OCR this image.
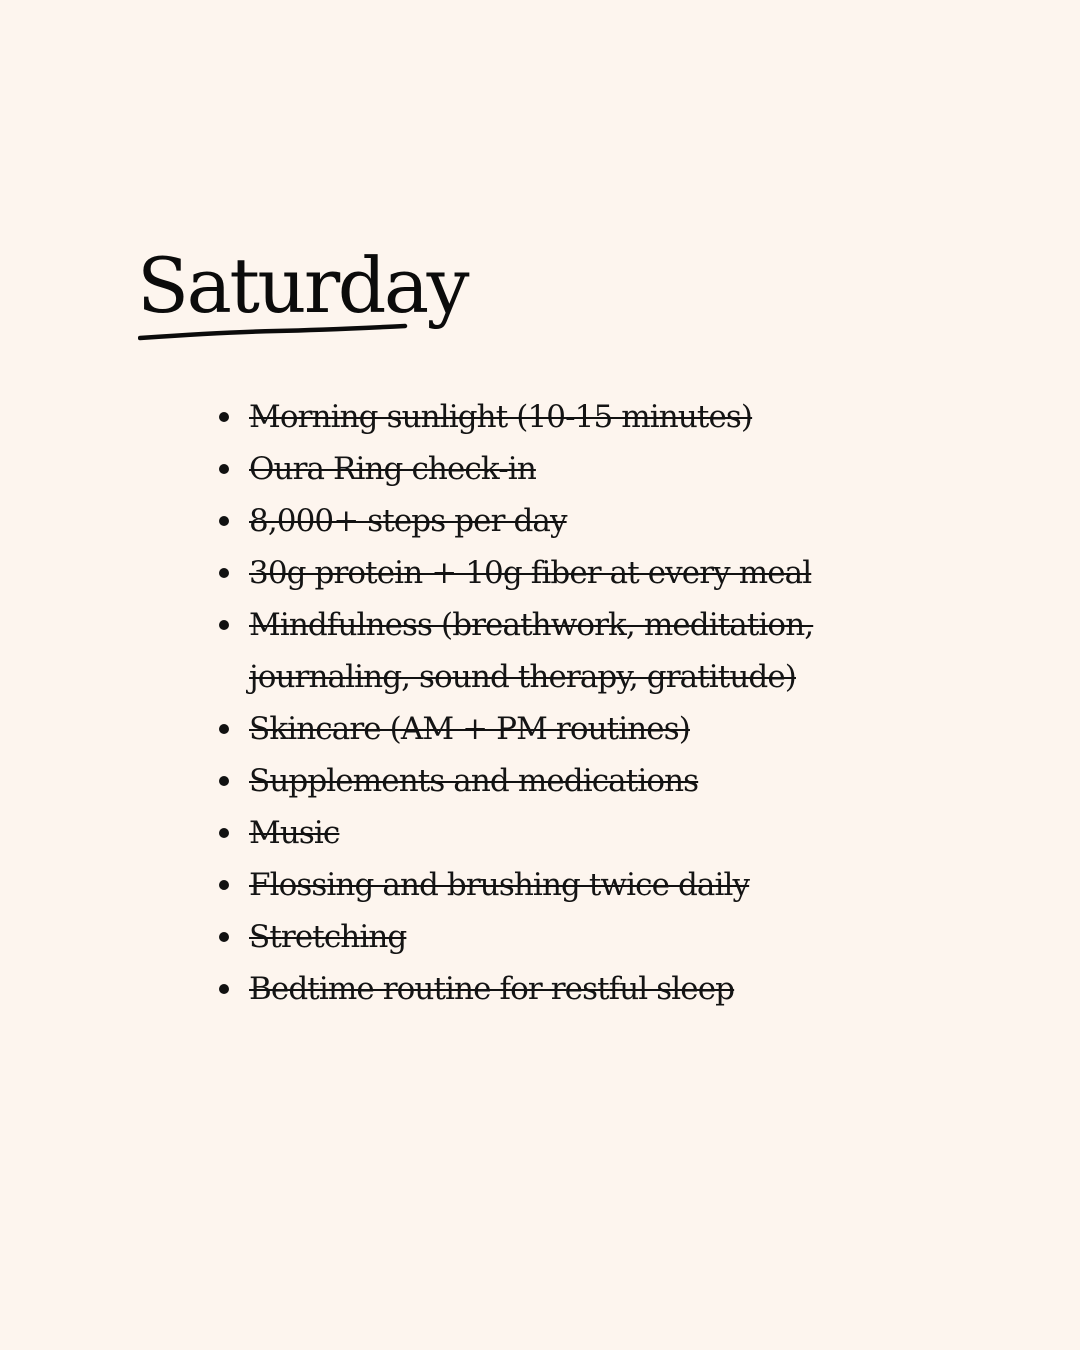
Saturday
Morning sunlight (10-15 minutes)
Oura Ring check-in
8,000+ steps per day
30g protein + 10g fiber at every meal
Mindfulness (breathwork, meditation, journaling, sound therapy, gratitude)
Skincare (AM + PM routines)
Supplements and medications
Music
Flossing and brushing twice daily
Stretching
Bedtime routine for restful sleep
